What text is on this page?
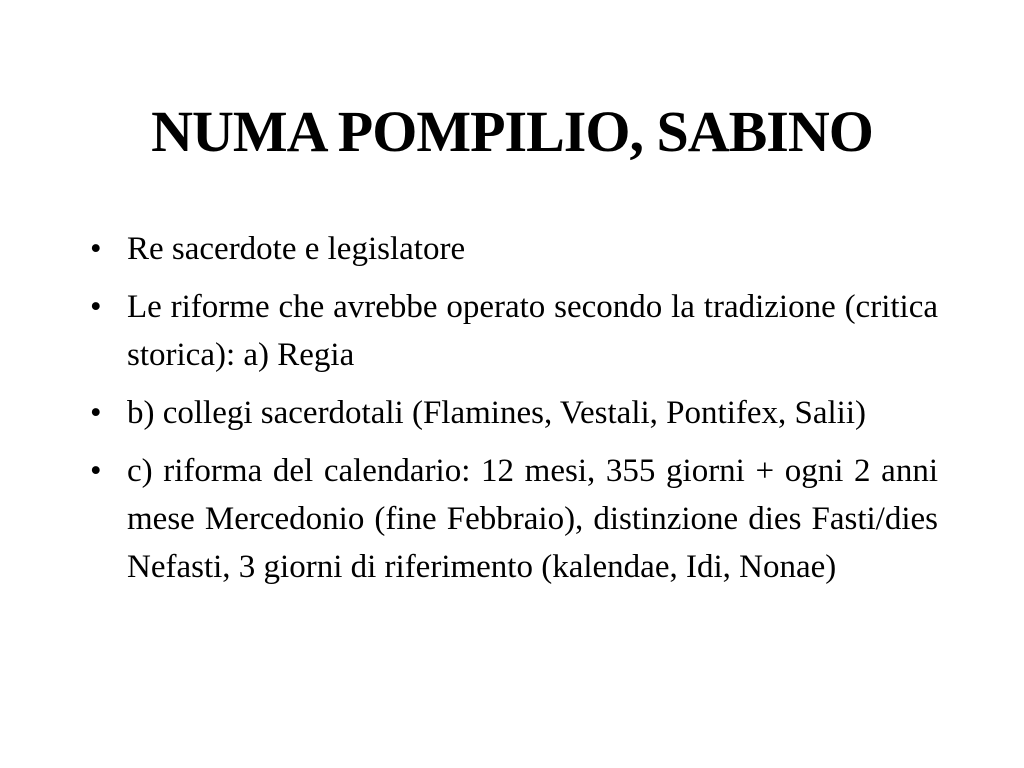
NUMA POMPILIO, SABINO
• Re sacerdote e legislatore
• Le riforme che avrebbe operato secondo la tradizione (critica storica): a) Regia
• b) collegi sacerdotali (Flamines, Vestali, Pontifex, Salii)
• c) riforma del calendario: 12 mesi, 355 giorni + ogni 2 anni mese Mercedonio (fine Febbraio), distinzione dies Fasti/dies Nefasti, 3 giorni di riferimento (kalendae, Idi, Nonae)
